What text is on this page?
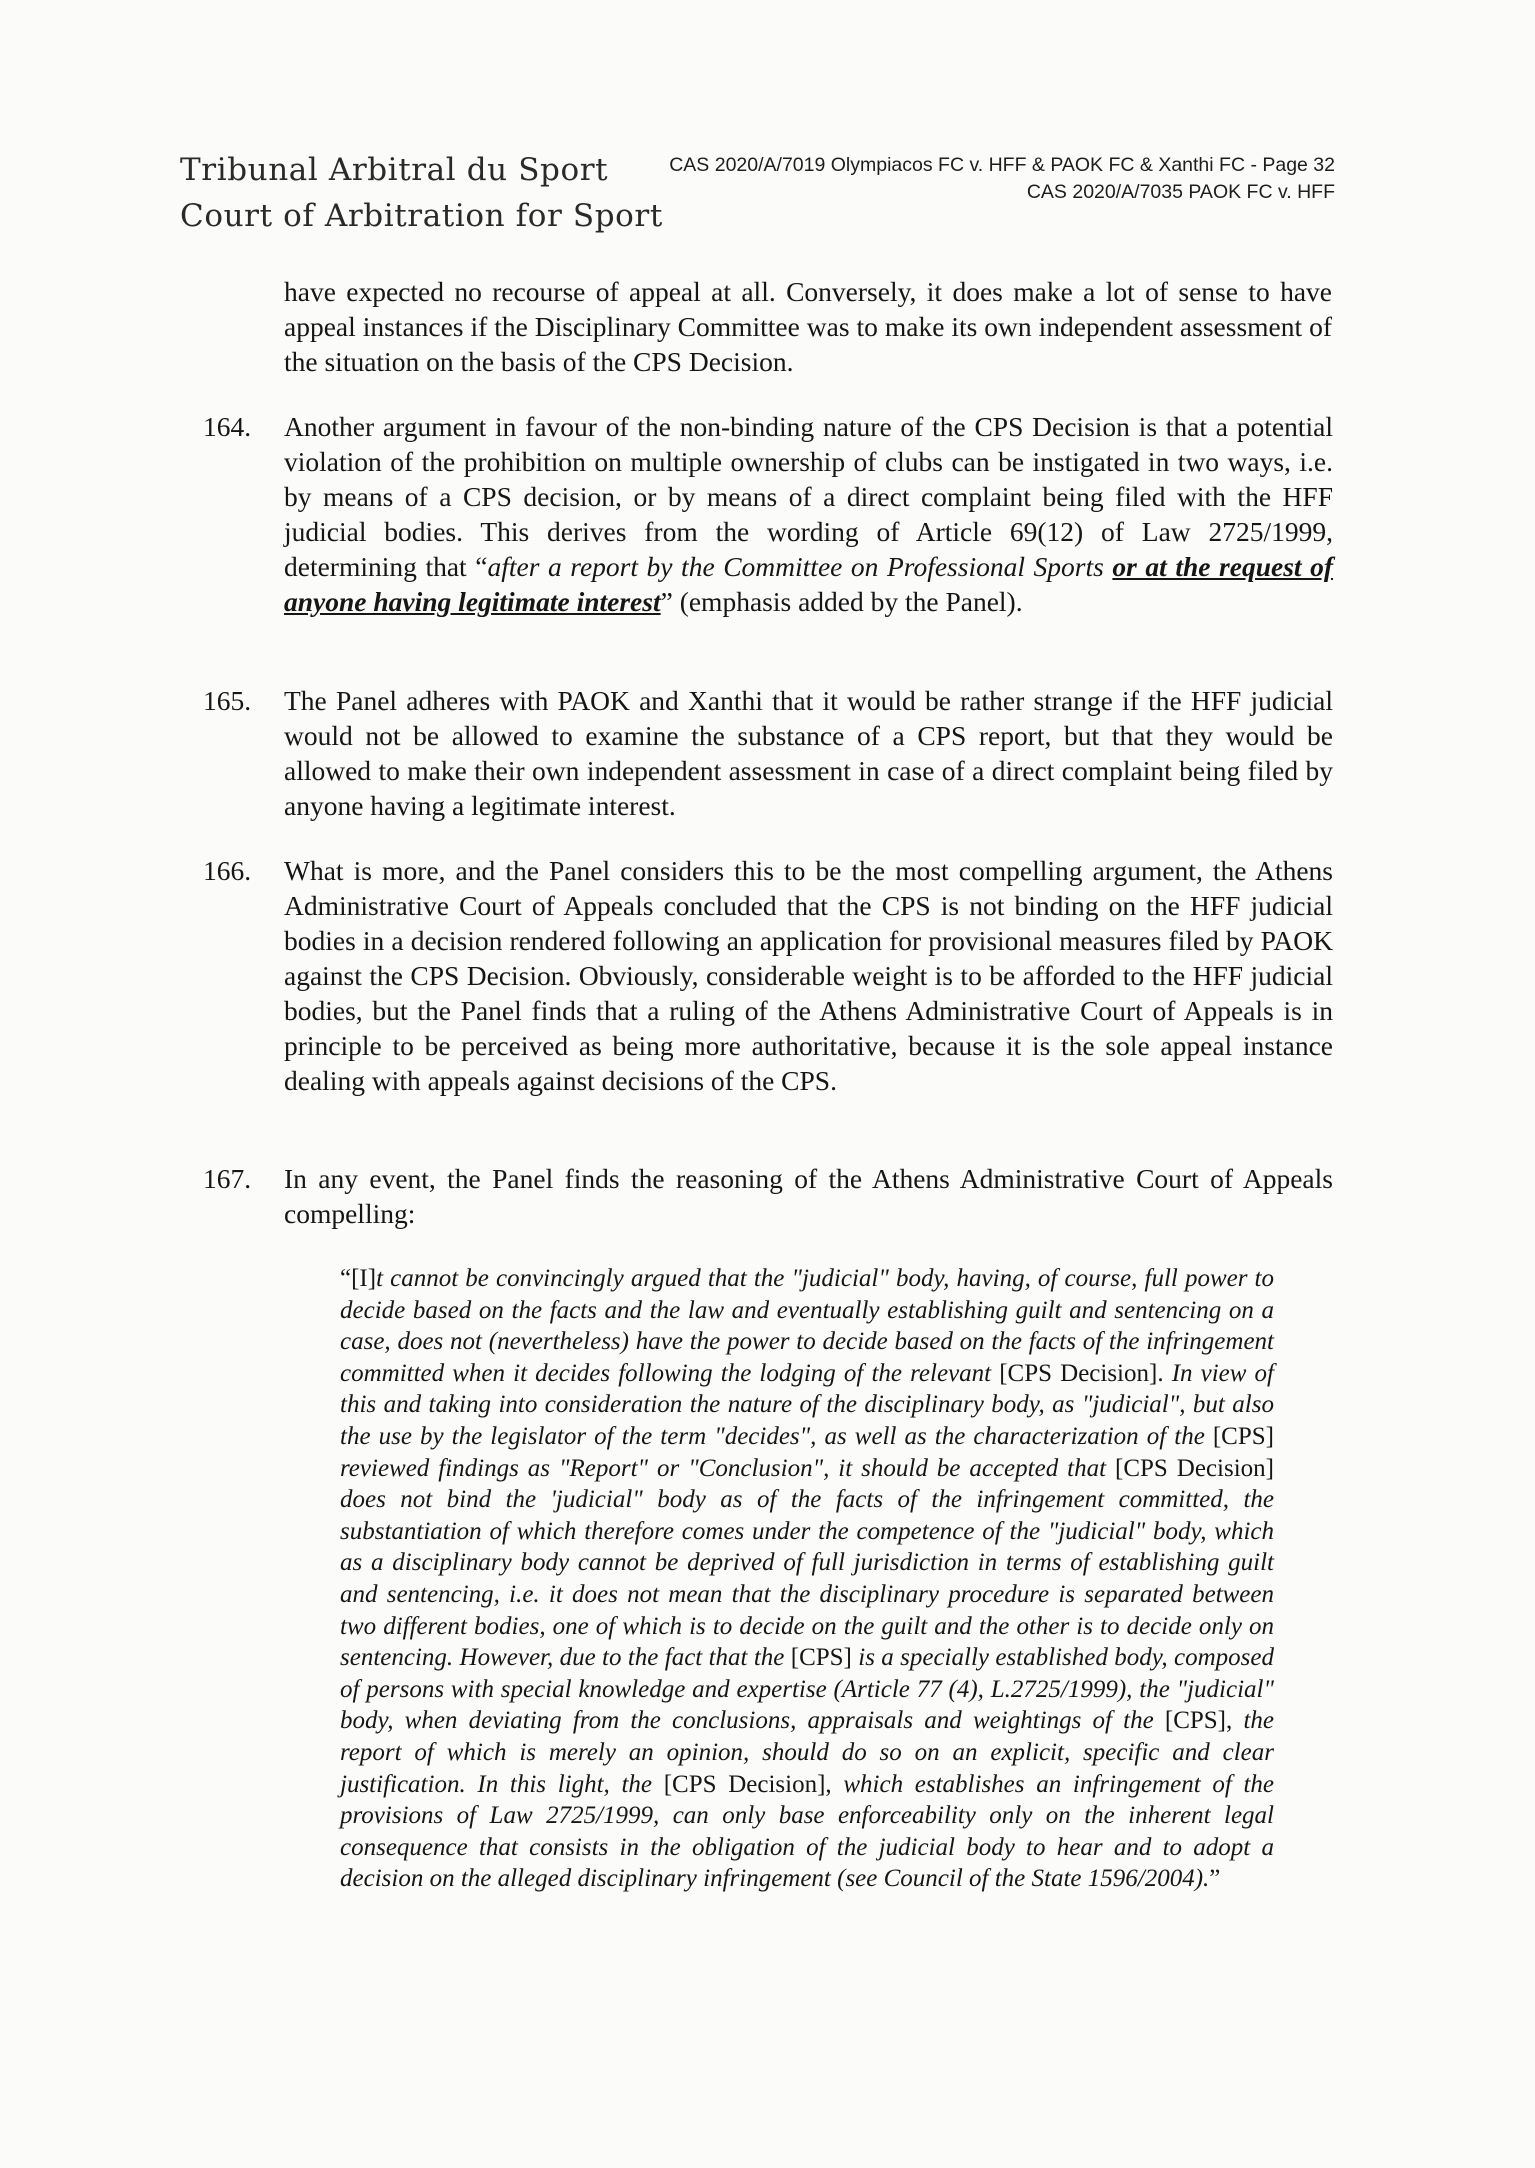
Tribunal Arbitral du Sport
Court of Arbitration for Sport
CAS 2020/A/7019 Olympiacos FC v. HFF & PAOK FC & Xanthi FC - Page 32
CAS 2020/A/7035 PAOK FC v. HFF
have expected no recourse of appeal at all. Conversely, it does make a lot of sense to have appeal instances if the Disciplinary Committee was to make its own independent assessment of the situation on the basis of the CPS Decision.
164.	Another argument in favour of the non-binding nature of the CPS Decision is that a potential violation of the prohibition on multiple ownership of clubs can be instigated in two ways, i.e. by means of a CPS decision, or by means of a direct complaint being filed with the HFF judicial bodies. This derives from the wording of Article 69(12) of Law 2725/1999, determining that “after a report by the Committee on Professional Sports or at the request of anyone having legitimate interest” (emphasis added by the Panel).
165.	The Panel adheres with PAOK and Xanthi that it would be rather strange if the HFF judicial would not be allowed to examine the substance of a CPS report, but that they would be allowed to make their own independent assessment in case of a direct complaint being filed by anyone having a legitimate interest.
166.	What is more, and the Panel considers this to be the most compelling argument, the Athens Administrative Court of Appeals concluded that the CPS is not binding on the HFF judicial bodies in a decision rendered following an application for provisional measures filed by PAOK against the CPS Decision. Obviously, considerable weight is to be afforded to the HFF judicial bodies, but the Panel finds that a ruling of the Athens Administrative Court of Appeals is in principle to be perceived as being more authoritative, because it is the sole appeal instance dealing with appeals against decisions of the CPS.
167.	In any event, the Panel finds the reasoning of the Athens Administrative Court of Appeals compelling:
“[I]t cannot be convincingly argued that the "judicial" body, having, of course, full power to decide based on the facts and the law and eventually establishing guilt and sentencing on a case, does not (nevertheless) have the power to decide based on the facts of the infringement committed when it decides following the lodging of the relevant [CPS Decision]. In view of this and taking into consideration the nature of the disciplinary body, as "judicial", but also the use by the legislator of the term "decides", as well as the characterization of the [CPS] reviewed findings as "Report" or "Conclusion", it should be accepted that [CPS Decision] does not bind the 'judicial" body as of the facts of the infringement committed, the substantiation of which therefore comes under the competence of the "judicial" body, which as a disciplinary body cannot be deprived of full jurisdiction in terms of establishing guilt and sentencing, i.e. it does not mean that the disciplinary procedure is separated between two different bodies, one of which is to decide on the guilt and the other is to decide only on sentencing. However, due to the fact that the [CPS] is a specially established body, composed of persons with special knowledge and expertise (Article 77 (4), L.2725/1999), the "judicial" body, when deviating from the conclusions, appraisals and weightings of the [CPS], the report of which is merely an opinion, should do so on an explicit, specific and clear justification. In this light, the [CPS Decision], which establishes an infringement of the provisions of Law 2725/1999, can only base enforceability only on the inherent legal consequence that consists in the obligation of the judicial body to hear and to adopt a decision on the alleged disciplinary infringement (see Council of the State 1596/2004).”
